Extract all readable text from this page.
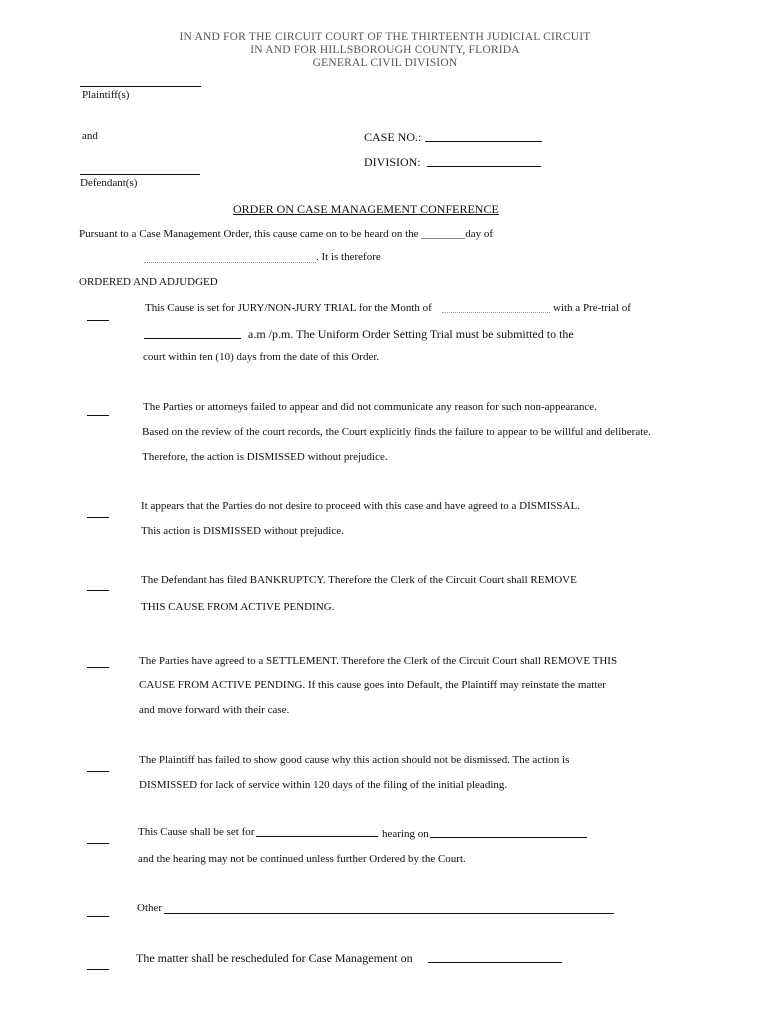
IN AND FOR THE CIRCUIT COURT OF THE THIRTEENTH JUDICIAL CIRCUIT
IN AND FOR HILLSBOROUGH COUNTY, FLORIDA
GENERAL CIVIL DIVISION
Plaintiff(s)
and
Defendant(s)
CASE NO.:
DIVISION:
ORDER ON CASE MANAGEMENT CONFERENCE
Pursuant to a Case Management Order, this cause came on to be heard on the ________day of
. It is therefore
ORDERED AND ADJUDGED
This Cause is set for JURY/NON-JURY TRIAL for the Month of	with a Pre-trial of
a.m /p.m. The Uniform Order Setting Trial must be submitted to the
court within ten (10) days from the date of this Order.
The Parties or attorneys failed to appear and did not communicate any reason for such non-appearance.
Based on the review of the court records, the Court explicitly finds the failure to appear to be willful and deliberate.
Therefore, the action is DISMISSED without prejudice.
It appears that the Parties do not desire to proceed with this case and have agreed to a DISMISSAL.
This action is DISMISSED without prejudice.
The Defendant has filed BANKRUPTCY. Therefore the Clerk of the Circuit Court shall REMOVE
THIS CAUSE FROM ACTIVE PENDING.
The Parties have agreed to a SETTLEMENT. Therefore the Clerk of the Circuit Court shall REMOVE THIS
CAUSE FROM ACTIVE PENDING. If this cause goes into Default, the Plaintiff may reinstate the matter
and move forward with their case.
The Plaintiff has failed to show good cause why this action should not be dismissed. The action is
DISMISSED for lack of service within 120 days of the filing of the initial pleading.
This Cause shall be set for	hearing on
and the hearing may not be continued unless further Ordered by the Court.
Other
The matter shall be rescheduled for Case Management on
